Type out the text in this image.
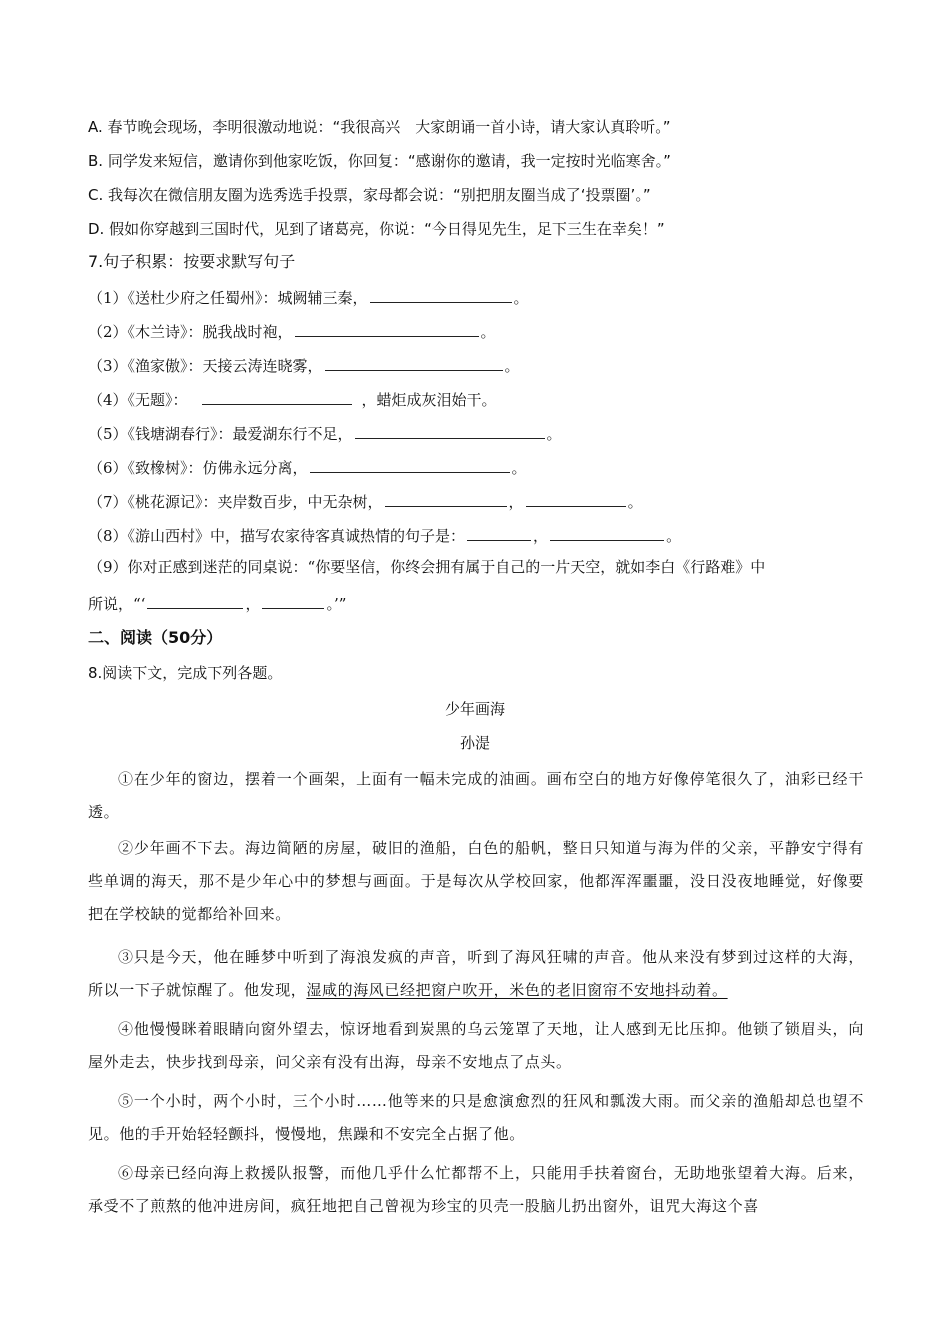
A. 春节晚会现场，李明很激动地说：“我很高兴　大家朗诵一首小诗，请大家认真聆听。”
B. 同学发来短信，邀请你到他家吃饭，你回复：“感谢你的邀请，我一定按时光临寒舍。”
C. 我每次在微信朋友圈为选秀选手投票，家母都会说：“别把朋友圈当成了‘投票圈’。”
D. 假如你穿越到三国时代，见到了诸葛亮，你说：“今日得见先生，足下三生在幸矣！”
7.句子积累：按要求默写句子
（1）《送杜少府之任蜀州》：城阙辅三秦，	。
（2）《木兰诗》：脱我战时袍，	。
（3）《渔家傲》：天接云涛连晓雾，	。
（4）《无题》：	，蜡炬成灰泪始干。
（5）《钱塘湖春行》：最爱湖东行不足，	。
（6）《致橡树》：仿佛永远分离，	。
（7）《桃花源记》：夹岸数百步，中无杂树，	，	。
（8）《游山西村》中，描写农家待客真诚热情的句子是：	，	。
（9）你对正感到迷茫的同桌说：“你要坚信，你终会拥有属于自己的一片天空，就如李白《行路难》中
所说，“‘	，	。’”
二、阅读（50分）
8.阅读下文，完成下列各题。
少年画海
孙湜
①在少年的窗边，摆着一个画架，上面有一幅未完成的油画。画布空白的地方好像停笔很久了，油彩已经干透。
②少年画不下去。海边简陋的房屋，破旧的渔船，白色的船帆，整日只知道与海为伴的父亲，平静安宁得有些单调的海天，那不是少年心中的梦想与画面。于是每次从学校回家，他都浑浑噩噩，没日没夜地睡觉，好像要把在学校缺的觉都给补回来。
③只是今天，他在睡梦中听到了海浪发疯的声音，听到了海风狂啸的声音。他从来没有梦到过这样的大海，所以一下子就惊醒了。他发现，湿咸的海风已经把窗户吹开，米色的老旧窗帘不安地抖动着。
④他慢慢眯着眼睛向窗外望去，惊讶地看到炭黑的乌云笼罩了天地，让人感到无比压抑。他锁了锁眉头，向屋外走去，快步找到母亲，问父亲有没有出海，母亲不安地点了点头。
⑤一个小时，两个小时，三个小时……他等来的只是愈演愈烈的狂风和瓢泼大雨。而父亲的渔船却总也望不见。他的手开始轻轻颤抖，慢慢地，焦躁和不安完全占据了他。
⑥母亲已经向海上救援队报警，而他几乎什么忙都帮不上，只能用手扶着窗台，无助地张望着大海。后来，承受不了煎熬的他冲进房间，疯狂地把自己曾视为珍宝的贝壳一股脑儿扔出窗外，诅咒大海这个喜
